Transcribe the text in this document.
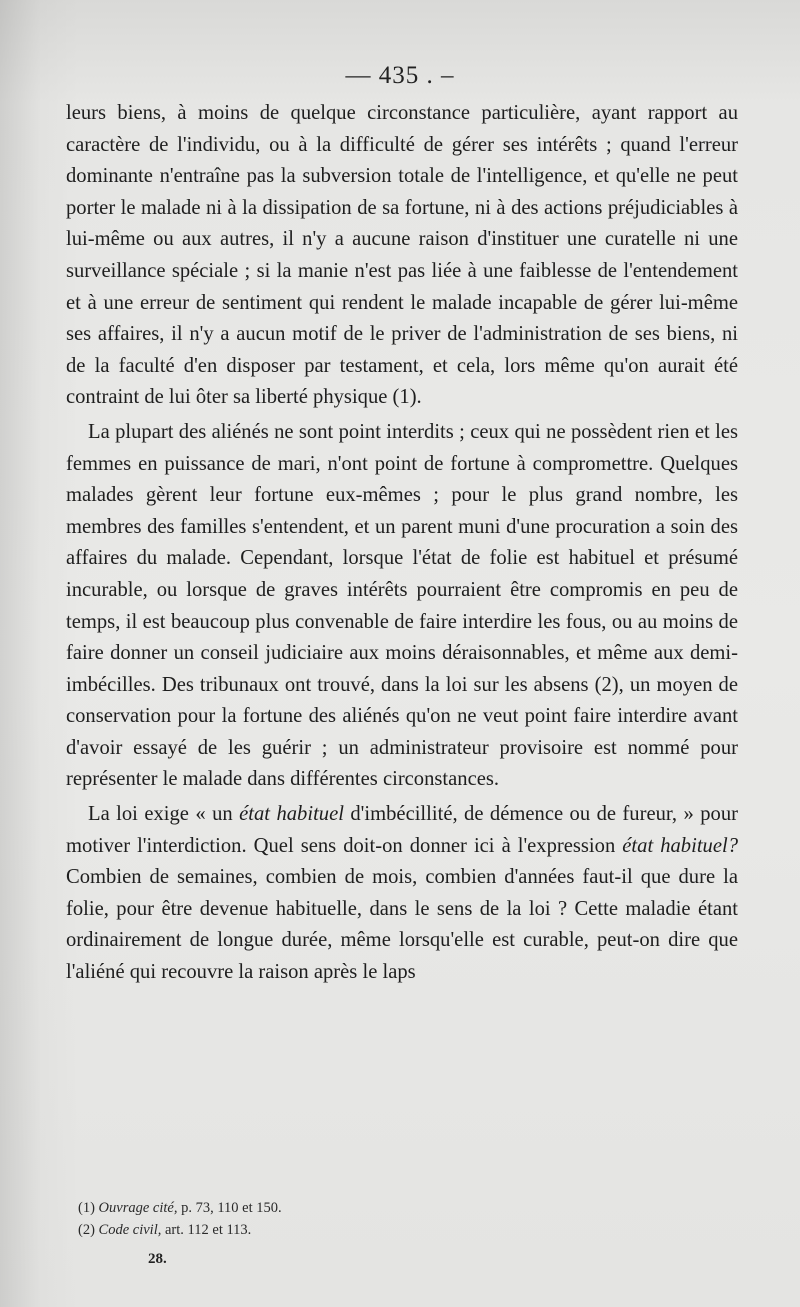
— 435 . –

leurs biens, à moins de quelque circonstance particulière, ayant rapport au caractère de l'individu, ou à la difficulté de gérer ses intérêts ; quand l'erreur dominante n'entraîne pas la subversion totale de l'intelligence, et qu'elle ne peut porter le malade ni à la dissipation de sa fortune, ni à des actions préjudiciables à lui-même ou aux autres, il n'y a aucune raison d'instituer une curatelle ni une surveillance spéciale ; si la manie n'est pas liée à une faiblesse de l'entendement et à une erreur de sentiment qui rendent le malade incapable de gérer lui-même ses affaires, il n'y a aucun motif de le priver de l'administration de ses biens, ni de la faculté d'en disposer par testament, et cela, lors même qu'on aurait été contraint de lui ôter sa liberté physique (1).

La plupart des aliénés ne sont point interdits ; ceux qui ne possèdent rien et les femmes en puissance de mari, n'ont point de fortune à compromettre. Quelques malades gèrent leur fortune eux-mêmes ; pour le plus grand nombre, les membres des familles s'entendent, et un parent muni d'une procuration a soin des affaires du malade. Cependant, lorsque l'état de folie est habituel et présumé incurable, ou lorsque de graves intérêts pourraient être compromis en peu de temps, il est beaucoup plus convenable de faire interdire les fous, ou au moins de faire donner un conseil judiciaire aux moins déraisonnables, et même aux demi-imbécilles. Des tribunaux ont trouvé, dans la loi sur les absens (2), un moyen de conservation pour la fortune des aliénés qu'on ne veut point faire interdire avant d'avoir essayé de les guérir ; un administrateur provisoire est nommé pour représenter le malade dans différentes circonstances.

La loi exige « un état habituel d'imbécillité, de démence ou de fureur, » pour motiver l'interdiction. Quel sens doit-on donner ici à l'expression état habituel? Combien de semaines, combien de mois, combien d'années faut-il que dure la folie, pour être devenue habituelle, dans le sens de la loi ? Cette maladie étant ordinairement de longue durée, même lorsqu'elle est curable, peut-on dire que l'aliéné qui recouvre la raison après le laps

(1) Ouvrage cité, p. 73, 110 et 150.
(2) Code civil, art. 112 et 113.
28.
